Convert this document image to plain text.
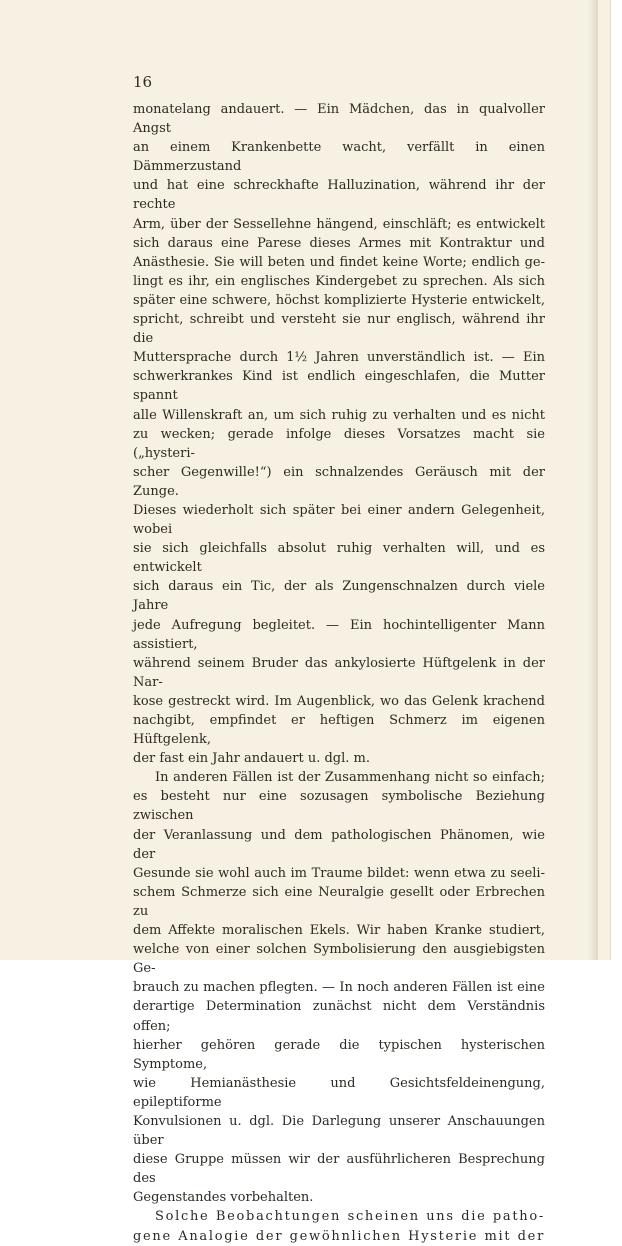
16
monatelang andauert. — Ein Mädchen, das in qualvoller Angst
an einem Krankenbette wacht, verfällt in einen Dämmerzustand
und hat eine schreckhafte Halluzination, während ihr der rechte
Arm, über der Sessellehne hängend, einschläft; es entwickelt
sich daraus eine Parese dieses Armes mit Kontraktur und
Anästhesie. Sie will beten und findet keine Worte; endlich ge-
lingt es ihr, ein englisches Kindergebet zu sprechen. Als sich
später eine schwere, höchst komplizierte Hysterie entwickelt,
spricht, schreibt und versteht sie nur englisch, während ihr die
Muttersprache durch 1½ Jahren unverständlich ist. — Ein
schwerkrankes Kind ist endlich eingeschlafen, die Mutter spannt
alle Willenskraft an, um sich ruhig zu verhalten und es nicht
zu wecken; gerade infolge dieses Vorsatzes macht sie („hysteri-
scher Gegenwille!“) ein schnalzendes Geräusch mit der Zunge.
Dieses wiederholt sich später bei einer andern Gelegenheit, wobei
sie sich gleichfalls absolut ruhig verhalten will, und es entwickelt
sich daraus ein Tic, der als Zungenschnalzen durch viele Jahre
jede Aufregung begleitet. — Ein hochintelligenter Mann assistiert,
während seinem Bruder das ankylosierte Hüftgelenk in der Nar-
kose gestreckt wird. Im Augenblick, wo das Gelenk krachend
nachgibt, empfindet er heftigen Schmerz im eigenen Hüftgelenk,
der fast ein Jahr andauert u. dgl. m.
In anderen Fällen ist der Zusammenhang nicht so einfach;
es besteht nur eine sozusagen symbolische Beziehung zwischen
der Veranlassung und dem pathologischen Phänomen, wie der
Gesunde sie wohl auch im Traume bildet: wenn etwa zu seeli-
schem Schmerze sich eine Neuralgie gesellt oder Erbrechen zu
dem Affekte moralischen Ekels. Wir haben Kranke studiert,
welche von einer solchen Symbolisierung den ausgiebigsten Ge-
brauch zu machen pflegten. — In noch anderen Fällen ist eine
derartige Determination zunächst nicht dem Verständnis offen;
hierher gehören gerade die typischen hysterischen Symptome,
wie Hemianästhesie und Gesichtsfeldeinengung, epileptiforme
Konvulsionen u. dgl. Die Darlegung unserer Anschauungen über
diese Gruppe müssen wir der ausführlicheren Besprechung des
Gegenstandes vorbehalten.
Solche Beobachtungen scheinen uns die patho-
gene Analogie der gewöhnlichen Hysterie mit der
